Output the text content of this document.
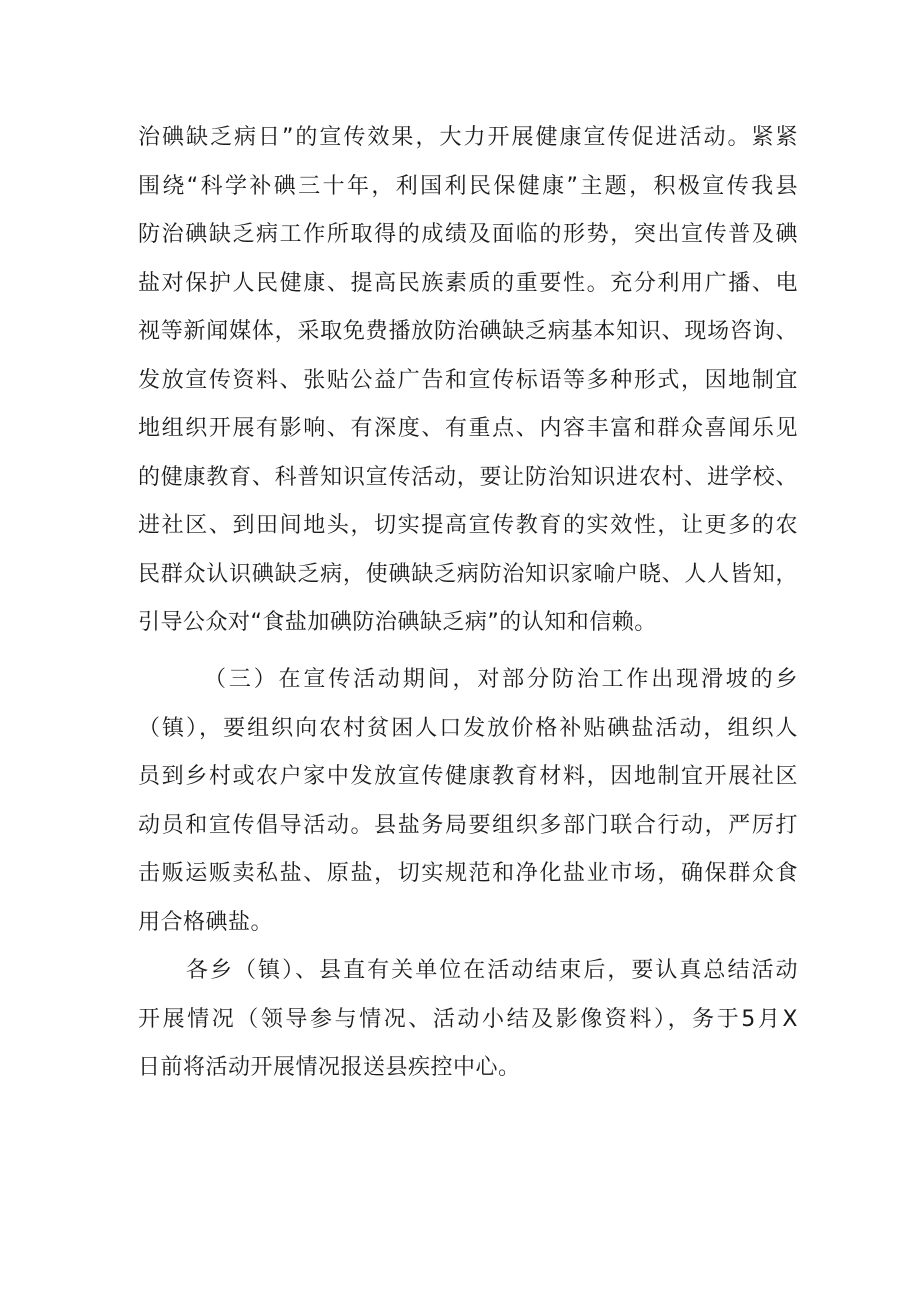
治碘缺乏病日”的宣传效果，大力开展健康宣传促进活动。紧紧
围绕“科学补碘三十年，利国利民保健康”主题，积极宣传我县
防治碘缺乏病工作所取得的成绩及面临的形势，突出宣传普及碘
盐对保护人民健康、提高民族素质的重要性。充分利用广播、电
视等新闻媒体，采取免费播放防治碘缺乏病基本知识、现场咨询、
发放宣传资料、张贴公益广告和宣传标语等多种形式，因地制宜
地组织开展有影响、有深度、有重点、内容丰富和群众喜闻乐见
的健康教育、科普知识宣传活动，要让防治知识进农村、进学校、
进社区、到田间地头，切实提高宣传教育的实效性，让更多的农
民群众认识碘缺乏病，使碘缺乏病防治知识家喻户晓、人人皆知，
引导公众对“食盐加碘防治碘缺乏病”的认知和信赖。
（三）在宣传活动期间，对部分防治工作出现滑坡的乡
（镇），要组织向农村贫困人口发放价格补贴碘盐活动，组织人
员到乡村或农户家中发放宣传健康教育材料，因地制宜开展社区
动员和宣传倡导活动。县盐务局要组织多部门联合行动，严厉打
击贩运贩卖私盐、原盐，切实规范和净化盐业市场，确保群众食
用合格碘盐。
各乡（镇）、县直有关单位在活动结束后，要认真总结活动
开展情况（领导参与情况、活动小结及影像资料），务于5月X
日前将活动开展情况报送县疾控中心。
